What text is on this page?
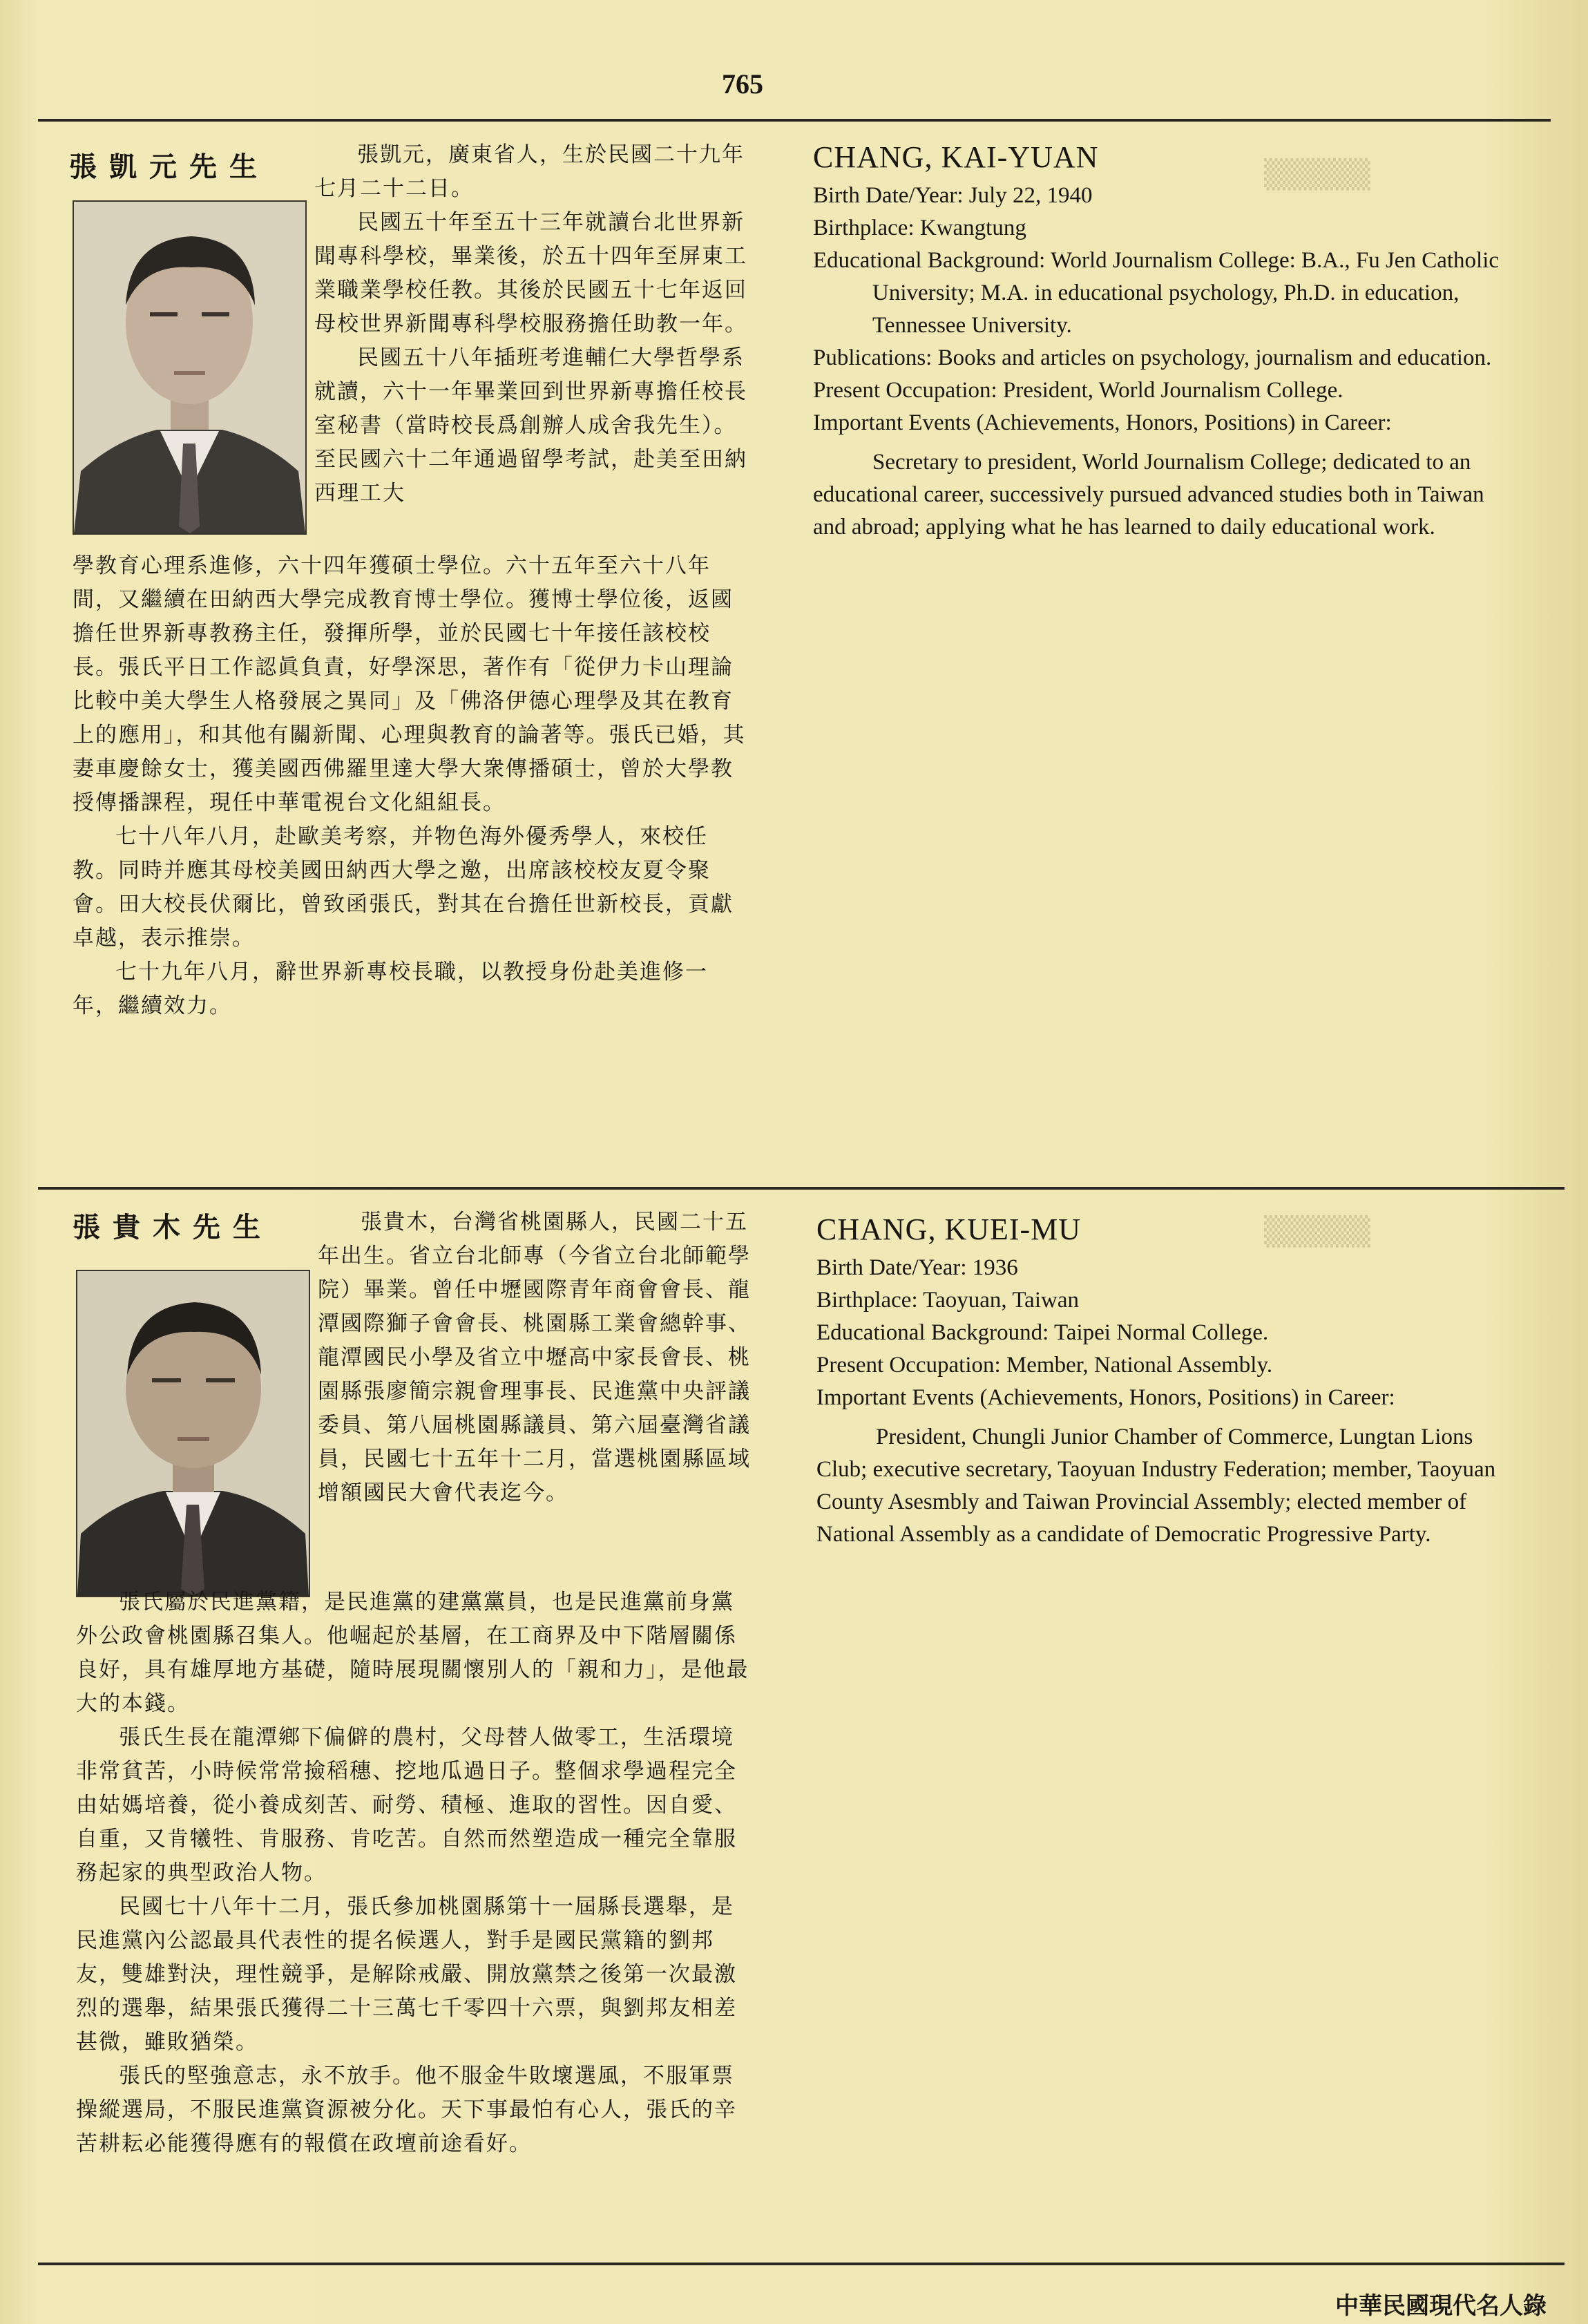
▒▒▒▒▒
▒▒▒▒▒
765
張凱元先生	張凱元，廣東省人，生於民國二十九年七月二十二日。

民國五十年至五十三年就讀台北世界新聞專科學校，畢業後，於五十四年至屏東工業職業學校任教。其後於民國五十七年返回母校世界新聞專科學校服務擔任助教一年。

民國五十八年插班考進輔仁大學哲學系就讀，六十一年畢業回到世界新專擔任校長室秘書（當時校長爲創辦人成舍我先生）。至民國六十二年通過留學考試，赴美至田納西理工大

學教育心理系進修，六十四年獲碩士學位。六十五年至六十八年間，又繼續在田納西大學完成教育博士學位。獲博士學位後，返國擔任世界新專教務主任，發揮所學，並於民國七十年接任該校校長。張氏平日工作認眞負責，好學深思，著作有「從伊力卡山理論比較中美大學生人格發展之異同」及「佛洛伊德心理學及其在教育上的應用」，和其他有關新聞、心理與教育的論著等。張氏已婚，其妻車慶餘女士，獲美國西佛羅里達大學大衆傳播碩士，曾於大學教授傳播課程，現任中華電視台文化組組長。

七十八年八月，赴歐美考察，并物色海外優秀學人，來校任教。同時并應其母校美國田納西大學之邀，出席該校校友夏令聚會。田大校長伏爾比，曾致函張氏，對其在台擔任世新校長，貢獻卓越，表示推崇。

七十九年八月，辭世界新專校長職，以教授身份赴美進修一年，繼續效力。

CHANG, KAI-YUAN

Birth Date/Year: July 22, 1940

Birthplace: Kwangtung

Educational Background: World Journalism College: B.A., Fu Jen Catholic University; M.A. in educational psychology, Ph.D. in education, Tennessee University.

Publications: Books and articles on psychology, journalism and education.

Present Occupation: President, World Journalism College.

Important Events (Achievements, Honors, Positions) in Career:

Secretary to president, World Journalism College; dedicated to an educational career, successively pursued advanced studies both in Taiwan and abroad; applying what he has learned to daily educational work.

張貴木先生	張貴木，台灣省桃園縣人，民國二十五年出生。省立台北師專（今省立台北師範學院）畢業。曾任中壢國際青年商會會長、龍潭國際獅子會會長、桃園縣工業會總幹事、龍潭國民小學及省立中壢高中家長會長、桃園縣張廖簡宗親會理事長、民進黨中央評議委員、第八屆桃園縣議員、第六屆臺灣省議員，民國七十五年十二月，當選桃園縣區域增額國民大會代表迄今。

張氏屬於民進黨籍，是民進黨的建黨黨員，也是民進黨前身黨外公政會桃園縣召集人。他崛起於基層，在工商界及中下階層關係良好，具有雄厚地方基礎，隨時展現關懷別人的「親和力」，是他最大的本錢。

張氏生長在龍潭鄉下偏僻的農村，父母替人做零工，生活環境非常貧苦，小時候常常撿稻穗、挖地瓜過日子。整個求學過程完全由姑媽培養，從小養成刻苦、耐勞、積極、進取的習性。因自愛、自重，又肯犧牲、肯服務、肯吃苦。自然而然塑造成一種完全靠服務起家的典型政治人物。

民國七十八年十二月，張氏參加桃園縣第十一屆縣長選舉，是民進黨內公認最具代表性的提名候選人，對手是國民黨籍的劉邦友，雙雄對決，理性競爭，是解除戒嚴、開放黨禁之後第一次最激烈的選舉，結果張氏獲得二十三萬七千零四十六票，與劉邦友相差甚微，雖敗猶榮。

張氏的堅強意志，永不放手。他不服金牛敗壞選風，不服軍票操縱選局，不服民進黨資源被分化。天下事最怕有心人，張氏的辛苦耕耘必能獲得應有的報償在政壇前途看好。

CHANG, KUEI-MU

Birth Date/Year: 1936

Birthplace: Taoyuan, Taiwan

Educational Background: Taipei Normal College.

Present Occupation: Member, National Assembly.

Important Events (Achievements, Honors, Positions) in Career:

President, Chungli Junior Chamber of Commerce, Lungtan Lions Club; executive secretary, Taoyuan Industry Federation; member, Taoyuan County Asesmbly and Taiwan Provincial Assembly; elected member of National Assembly as a candidate of Democratic Progressive Party.

中華民國現代名人錄
